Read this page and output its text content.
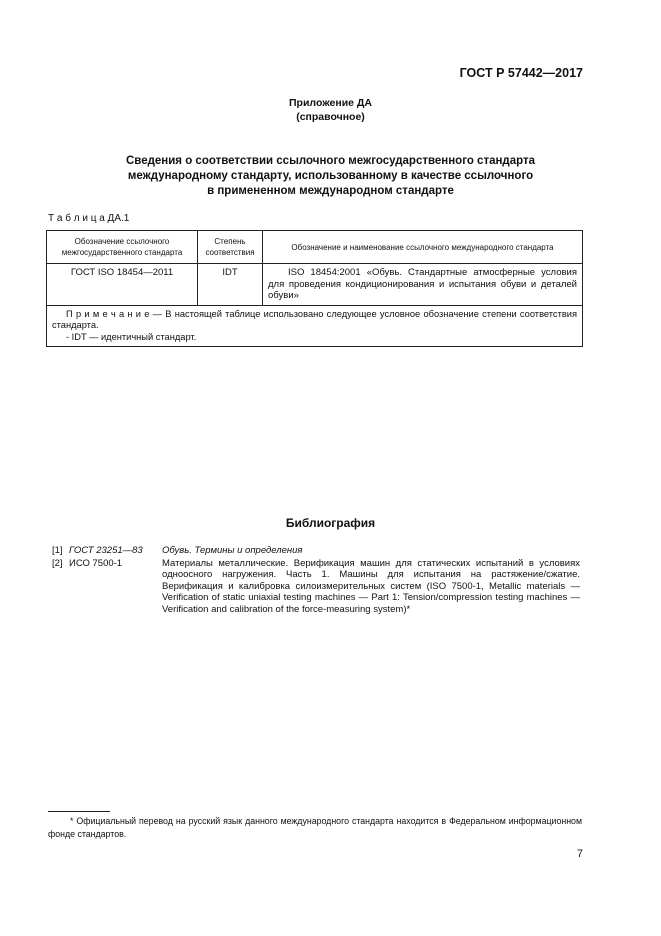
ГОСТ Р 57442—2017
Приложение ДА
(справочное)
Сведения о соответствии ссылочного межгосударственного стандарта
международному стандарту, использованному в качестве ссылочного
в примененном международном стандарте
Т а б л и ц а ДА.1
Обозначение ссылочного межгосударственного стандарта	Степень соответствия	Обозначение и наименование ссылочного международного стандарта
ГОСТ ISO 18454—2011	IDT	ISO 18454:2001 «Обувь. Стандартные атмосферные условия для проведения кондиционирования и испытания обуви и деталей обуви»

П р и м е ч а н и е — В настоящей таблице использовано следующее условное обозначение степени соответствия стандарта.
- IDT — идентичный стандарт.		
Библиография
[1] ГОСТ 23251—83	Обувь. Термины и определения
[2] ИСО 7500-1	Материалы металлические. Верификация машин для статических испытаний в условиях одноосного нагружения. Часть 1. Машины для испытания на растяжение/сжатие. Верификация и калибровка силоизмерительных систем (ISO 7500-1, Metallic materials — Verification of static uniaxial testing machines — Part 1: Tension/compression testing machines — Verification and calibration of the force-measuring system)*
* Официальный перевод на русский язык данного международного стандарта находится в Федеральном информационном фонде стандартов.
7
